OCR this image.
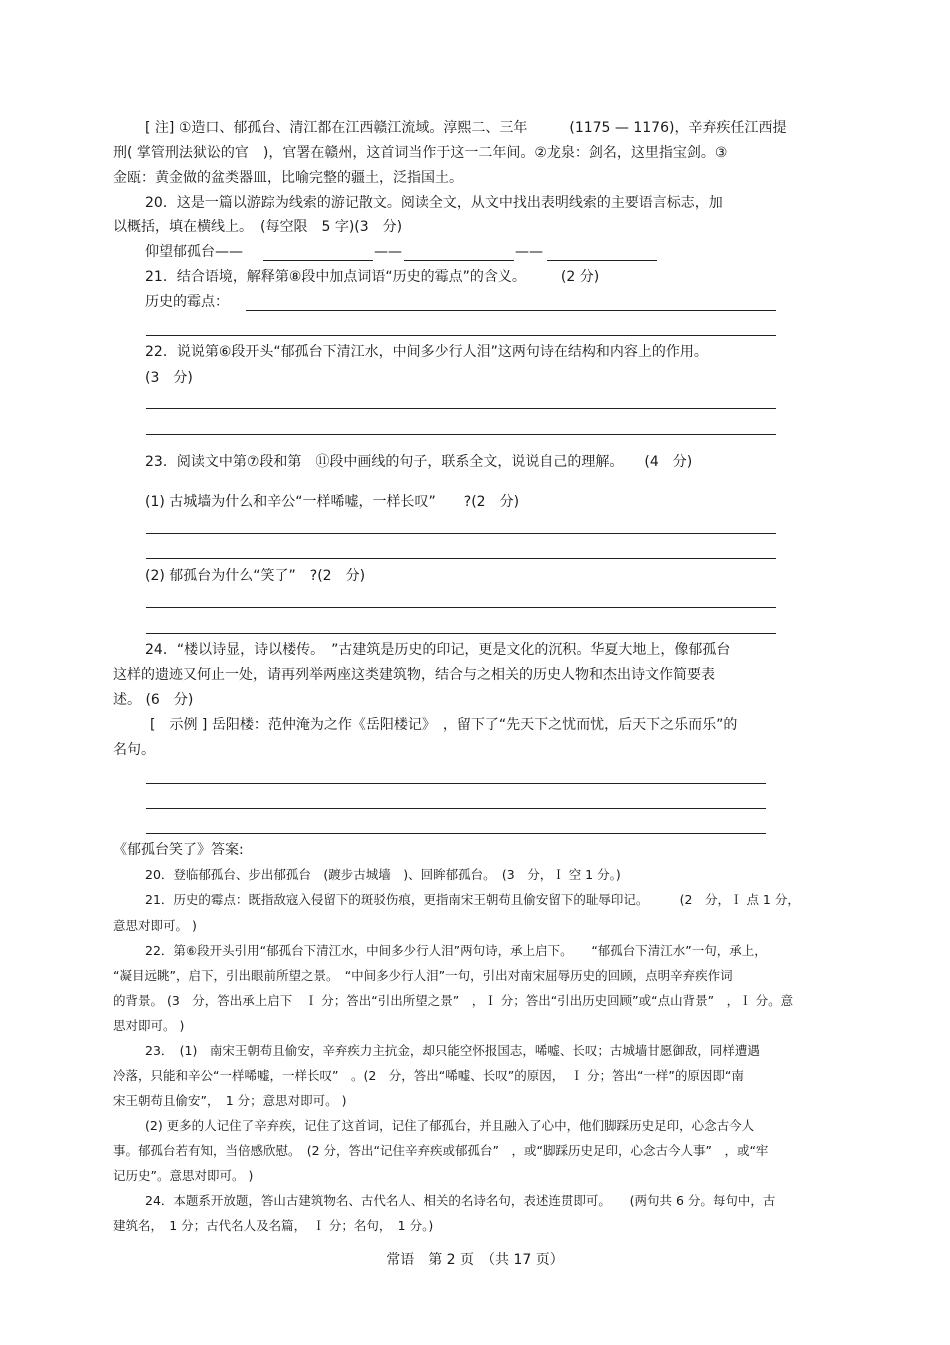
[ 注] ①造口、郁孤台、清江都在江西赣江流域。淳熙二、三年　　　(1175 — 1176)，辛弃疾任江西提
刑( 掌管刑法狱讼的官　)，官署在赣州，这首词当作于这一二年间。②龙泉：剑名，这里指宝剑。③
金瓯：黄金做的盆类器皿，比喻完整的疆土，泛指国土。
20．这是一篇以游踪为线索的游记散文。阅读全文，从文中找出表明线索的主要语言标志，加
以概括，填在横线上。　(每空限　5 字)(3　分)
仰望郁孤台——	——	——
21．结合语境，解释第⑧段中加点词语“历史的霉点”的含义。　　　(2 分)
历史的霉点：
22．说说第⑥段开头“郁孤台下清江水，中间多少行人泪”这两句诗在结构和内容上的作用。
(3　分)
23．阅读文中第⑦段和第　⑪段中画线的句子，联系全文，说说自己的理解。　　(4　分)
(1) 古城墙为什么和辛公“一样唏嘘，一样长叹”　　?(2　分)
(2) 郁孤台为什么“笑了”　?(2　分)
24．“楼以诗显，诗以楼传。　”古建筑是历史的印记，更是文化的沉积。华夏大地上，像郁孤台
这样的遗迹又何止一处，请再列举两座这类建筑物，结合与之相关的历史人物和杰出诗文作简要表
述。 (6　分)
[　示例 ] 岳阳楼：范仲淹为之作《岳阳楼记》　，留下了“先天下之忧而忧，后天下之乐而乐”的
名句。
《郁孤台笑了》答案:
20．登临郁孤台、步出郁孤台　(踱步古城墙　)、回眸郁孤台。　(3　分，Ｉ 空 1 分。)
21．历史的霉点：既指敌寇入侵留下的斑驳伤痕，更指南宋王朝苟且偷安留下的耻辱印记。　　　(2　分，Ｉ 点 1 分，
意思对即可。 )
22．第⑥段开头引用“郁孤台下清江水，中间多少行人泪”两句诗，承上启下。　　“郁孤台下清江水”一句，承上，
“凝目远眺”，启下，引出眼前所望之景。　“中间多少行人泪”一句，引出对南宋屈辱历史的回顾，点明辛弃疾作词
的背景。 (3　分，答出承上启下　Ｉ 分；答出“引出所望之景”　，Ｉ 分；答出“引出历史回顾”或“点山背景”　，Ｉ 分。意
思对即可。 )
23．　(1)　南宋王朝苟且偷安，辛弃疾力主抗金，却只能空怀报国志，唏嘘、长叹；古城墙甘愿御敌，同样遭遇
冷落，只能和辛公“一样唏嘘，一样长叹”　。(2　分，答出“唏嘘、长叹”的原因，　Ｉ 分；答出“一样”的原因即“南
宋王朝苟且偷安”，　1 分；意思对即可。 )
(2) 更多的人记住了辛弃疾，记住了这首词，记住了郁孤台，并且融入了心中，他们脚踩历史足印，心念古今人
事。郁孤台若有知，当倍感欣慰。　(2 分，答出“记住辛弃疾或郁孤台”　，或“脚踩历史足印，心念古今人事”　，或“牢
记历史”。意思对即可。 )
24．本题系开放题，答山古建筑物名、古代名人、相关的名诗名句，表述连贯即可。　　(两句共 6 分。每句中，古
建筑名，　1 分；古代名人及名篇，　Ｉ 分；名句，　1 分。)
常语　第 2 页　（共 17 页）
